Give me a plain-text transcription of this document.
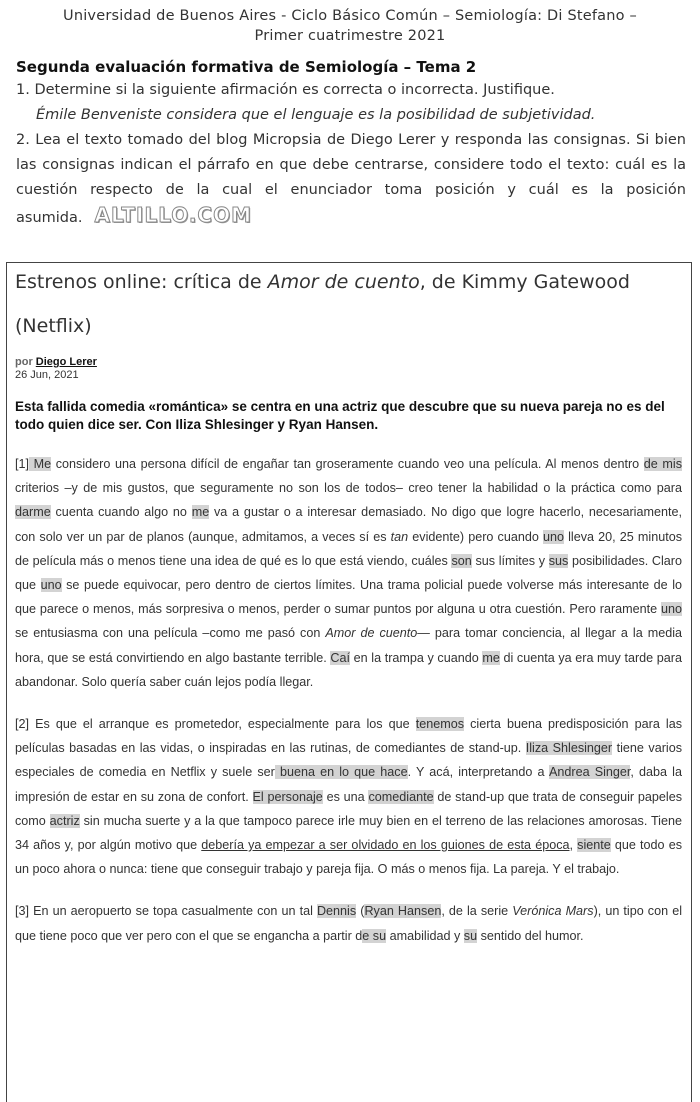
Universidad de Buenos Aires - Ciclo Básico Común – Semiología: Di Stefano –
Primer cuatrimestre 2021
Segunda evaluación formativa de Semiología – Tema 2
1. Determine si la siguiente afirmación es correcta o incorrecta. Justifique.
Émile Benveniste considera que el lenguaje es la posibilidad de subjetividad.
2. Lea el texto tomado del blog Micropsia de Diego Lerer y responda las consignas. Si bien las consignas indican el párrafo en que debe centrarse, considere todo el texto: cuál es la cuestión respecto de la cual el enunciador toma posición y cuál es la posición asumida. ALTILLO.COM
Estrenos online: crítica de Amor de cuento, de Kimmy Gatewood (Netflix)
por Diego Lerer
26 Jun, 2021
Esta fallida comedia «romántica» se centra en una actriz que descubre que su nueva pareja no es del todo quien dice ser. Con Iliza Shlesinger y Ryan Hansen.
[1] Me considero una persona difícil de engañar tan groseramente cuando veo una película. Al menos dentro de mis criterios –y de mis gustos, que seguramente no son los de todos– creo tener la habilidad o la práctica como para darme cuenta cuando algo no me va a gustar o a interesar demasiado. No digo que logre hacerlo, necesariamente, con solo ver un par de planos (aunque, admitamos, a veces sí es tan evidente) pero cuando uno lleva 20, 25 minutos de película más o menos tiene una idea de qué es lo que está viendo, cuáles son sus límites y sus posibilidades. Claro que uno se puede equivocar, pero dentro de ciertos límites. Una trama policial puede volverse más interesante de lo que parece o menos, más sorpresiva o menos, perder o sumar puntos por alguna u otra cuestión. Pero raramente uno se entusiasma con una película –como me pasó con Amor de cuento— para tomar conciencia, al llegar a la media hora, que se está convirtiendo en algo bastante terrible. Caí en la trampa y cuando me di cuenta ya era muy tarde para abandonar. Solo quería saber cuán lejos podía llegar.
[2] Es que el arranque es prometedor, especialmente para los que tenemos cierta buena predisposición para las películas basadas en las vidas, o inspiradas en las rutinas, de comediantes de stand-up. Iliza Shlesinger tiene varios especiales de comedia en Netflix y suele ser buena en lo que hace. Y acá, interpretando a Andrea Singer, daba la impresión de estar en su zona de confort. El personaje es una comediante de stand-up que trata de conseguir papeles como actriz sin mucha suerte y a la que tampoco parece irle muy bien en el terreno de las relaciones amorosas. Tiene 34 años y, por algún motivo que debería ya empezar a ser olvidado en los guiones de esta época, siente que todo es un poco ahora o nunca: tiene que conseguir trabajo y pareja fija. O más o menos fija. La pareja. Y el trabajo.
[3] En un aeropuerto se topa casualmente con un tal Dennis (Ryan Hansen, de la serie Verónica Mars), un tipo con el que tiene poco que ver pero con el que se engancha a partir de su amabilidad y su sentido del humor.
